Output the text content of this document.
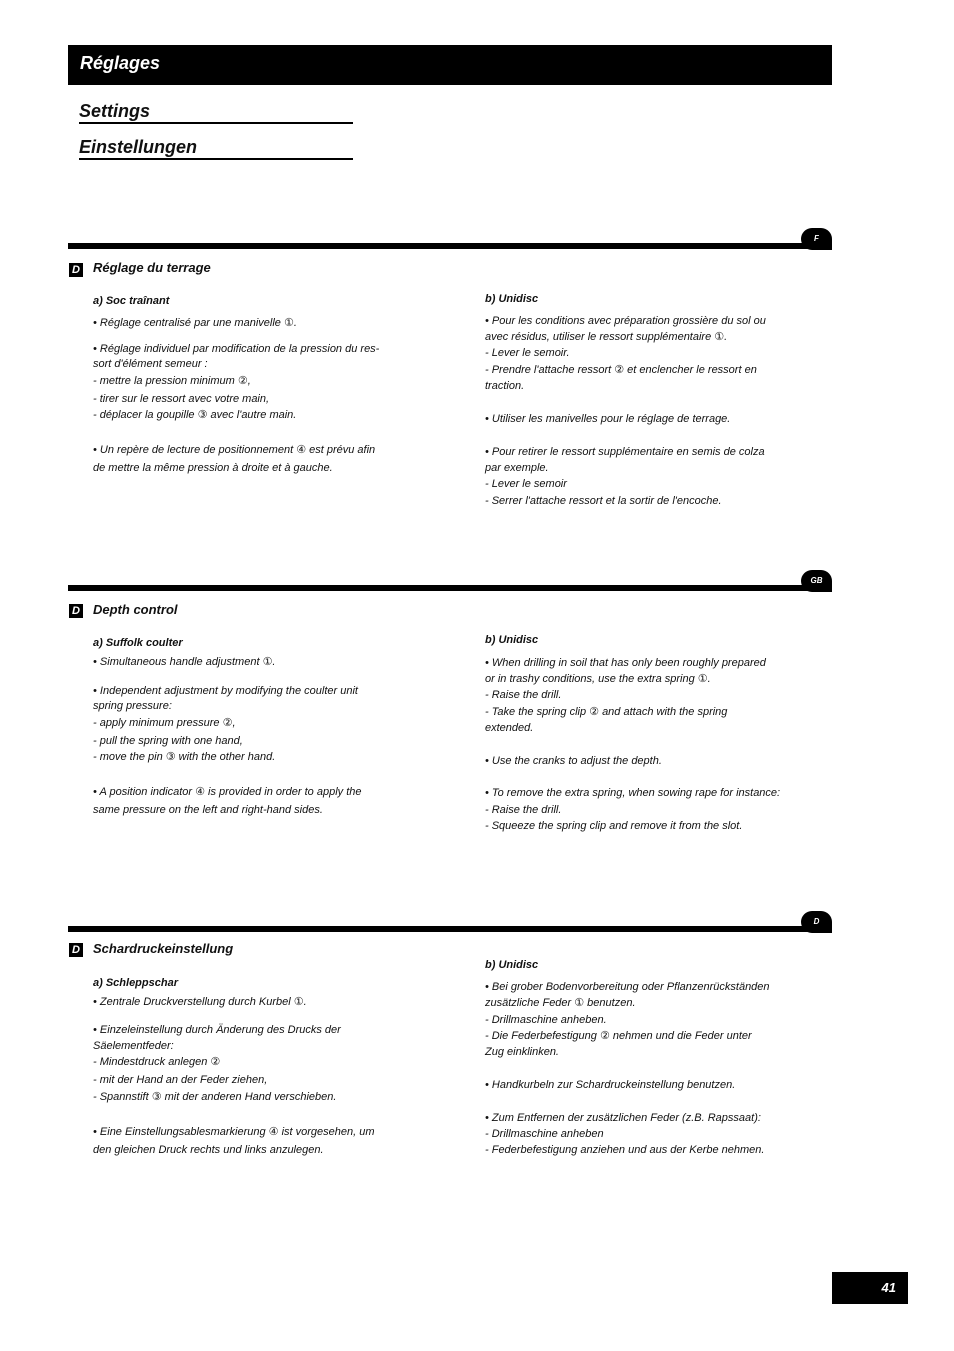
Réglages
Settings
Einstellungen
F
D Réglage du terrage
a) Soc traînant
• Réglage centralisé par une manivelle ①.
• Réglage individuel par modification de la pression du res-
sort d'élément semeur :
- mettre la pression minimum ②,
- tirer sur le ressort avec votre main,
- déplacer la goupille ③ avec l'autre main.
• Un repère de lecture de positionnement ④ est prévu afin
de mettre la même pression à droite et à gauche.
b) Unidisc
• Pour les conditions avec préparation grossière du sol ou
avec résidus, utiliser le ressort supplémentaire ①.
- Lever le semoir.
- Prendre l'attache ressort ② et enclencher le ressort en
traction.
• Utiliser les manivelles pour le réglage de terrage.
• Pour retirer le ressort supplémentaire en semis de colza
par exemple.
- Lever le semoir
- Serrer l'attache ressort et la sortir de l'encoche.
GB
D Depth control
a) Suffolk coulter
• Simultaneous handle adjustment ①.
• Independent adjustment by modifying the coulter unit
spring pressure:
- apply minimum pressure ②,
- pull the spring with one hand,
- move the pin ③ with the other hand.
• A position indicator ④ is provided in order to apply the
same pressure on the left and right-hand sides.
b) Unidisc
• When drilling in soil that has only been roughly prepared
or in trashy conditions, use the extra spring ①.
- Raise the drill.
- Take the spring clip ② and attach with the spring
extended.
• Use the cranks to adjust the depth.
• To remove the extra spring, when sowing rape for instance:
- Raise the drill.
- Squeeze the spring clip and remove it from the slot.
D
D Schardruckeinstellung
a) Schleppschar
• Zentrale Druckverstellung durch Kurbel ①.
• Einzeleinstellung durch Änderung des Drucks der
Säelementfeder:
- Mindestdruck anlegen ②
- mit der Hand an der Feder ziehen,
- Spannstift ③ mit der anderen Hand verschieben.
• Eine Einstellungsablesmarkierung ④ ist vorgesehen, um
den gleichen Druck rechts und links anzulegen.
b) Unidisc
• Bei grober Bodenvorbereitung oder Pflanzenrückständen
zusätzliche Feder ① benutzen.
- Drillmaschine anheben.
- Die Federbefestigung ② nehmen und die Feder unter
Zug einklinken.
• Handkurbeln zur Schardruckeinstellung benutzen.
• Zum Entfernen der zusätzlichen Feder (z.B. Rapssaat):
- Drillmaschine anheben
- Federbefestigung anziehen und aus der Kerbe nehmen.
41
